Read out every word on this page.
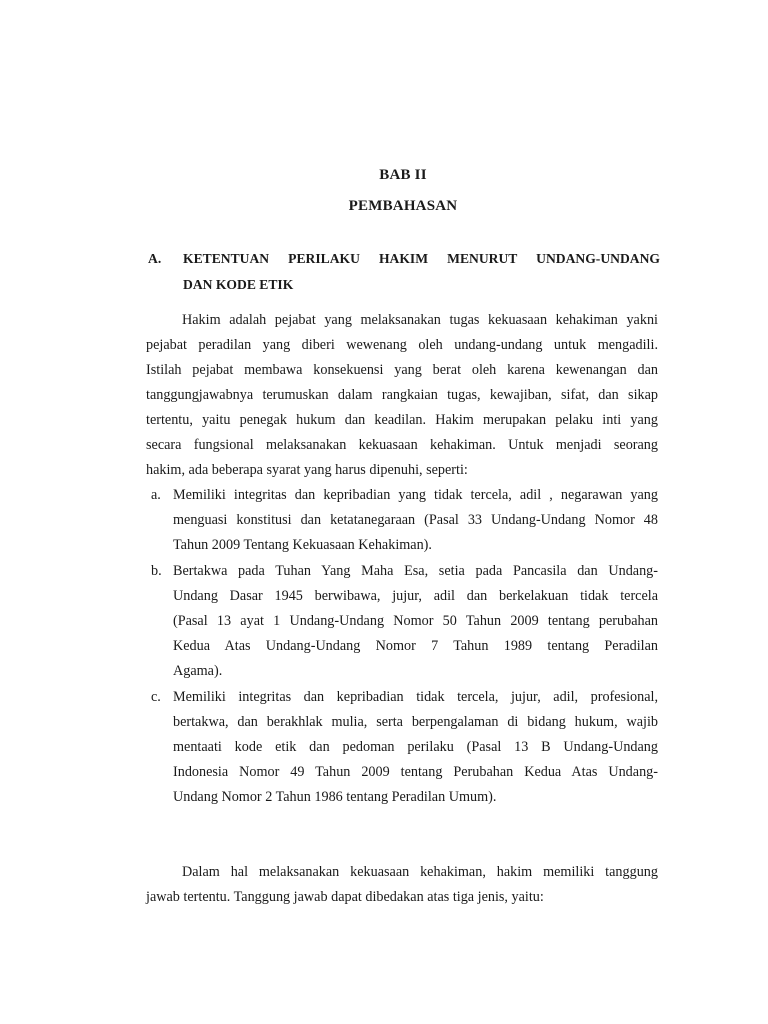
BAB II
PEMBAHASAN
A. KETENTUAN PERILAKU HAKIM MENURUT UNDANG-UNDANG
DAN KODE ETIK
Hakim adalah pejabat yang melaksanakan tugas kekuasaan kehakiman yakni
pejabat peradilan yang diberi wewenang oleh undang-undang untuk mengadili.
Istilah pejabat membawa konsekuensi yang berat oleh karena kewenangan dan
tanggungjawabnya terumuskan dalam rangkaian tugas, kewajiban, sifat, dan sikap
tertentu, yaitu penegak hukum dan keadilan. Hakim merupakan pelaku inti yang
secara fungsional melaksanakan kekuasaan kehakiman. Untuk menjadi seorang
hakim, ada beberapa syarat yang harus dipenuhi, seperti:
a. Memiliki integritas dan kepribadian yang tidak tercela, adil , negarawan yang
menguasi konstitusi dan ketatanegaraan (Pasal 33 Undang-Undang Nomor 48
Tahun 2009 Tentang Kekuasaan Kehakiman).
b. Bertakwa pada Tuhan Yang Maha Esa, setia pada Pancasila dan Undang-
Undang Dasar 1945 berwibawa, jujur, adil dan berkelakuan tidak tercela
(Pasal 13 ayat 1 Undang-Undang Nomor 50 Tahun 2009 tentang perubahan
Kedua Atas Undang-Undang Nomor 7 Tahun 1989 tentang Peradilan
Agama).
c. Memiliki integritas dan kepribadian tidak tercela, jujur, adil, profesional,
bertakwa, dan berakhlak mulia, serta berpengalaman di bidang hukum, wajib
mentaati kode etik dan pedoman perilaku (Pasal 13 B Undang-Undang
Indonesia Nomor 49 Tahun 2009 tentang Perubahan Kedua Atas Undang-
Undang Nomor 2 Tahun 1986 tentang Peradilan Umum).
Dalam hal melaksanakan kekuasaan kehakiman, hakim memiliki tanggung
jawab tertentu. Tanggung jawab dapat dibedakan atas tiga jenis, yaitu:
